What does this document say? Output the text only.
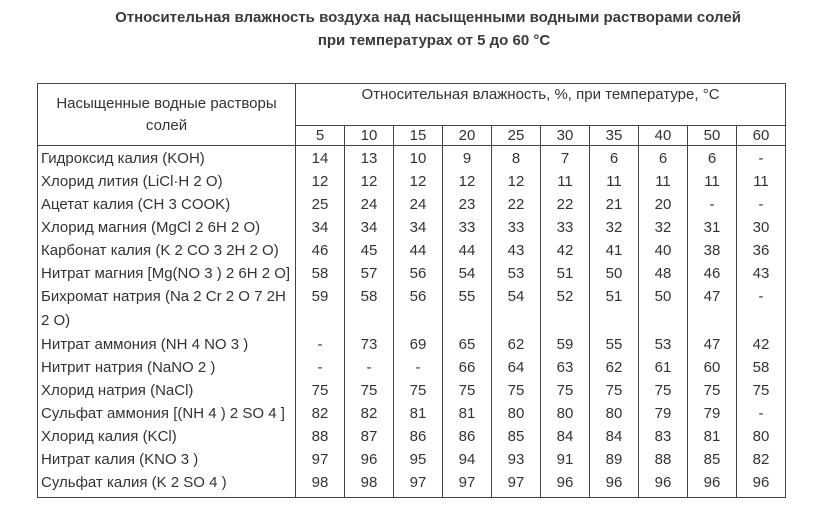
Относительная влажность воздуха над насыщенными водными растворами солей
при температурах от 5 до 60 °С
Насыщенные водные растворы солей	Относительная влажность, %, при температуре, °С									
	5	10	15	20	25	30	35	40	50	60
Гидроксид калия (KOH)	14	13	10	9	8	7	6	6	6	-
Хлорид лития (LiCl·H 2 O)	12	12	12	12	12	11	11	11	11	11
Ацетат калия (CH 3 COOK)	25	24	24	23	22	22	21	20	-	-
Хлорид магния (MgCl 2 6H 2 O)	34	34	34	33	33	33	32	32	31	30
Карбонат калия (K 2 CO 3 2H 2 O)	46	45	44	44	43	42	41	40	38	36
Нитрат магния [Mg(NO 3 ) 2 6H 2 O]	58	57	56	54	53	51	50	48	46	43
Бихромат натрия (Na 2 Cr 2 O 7 2H 2 O)	59	58	56	55	54	52	51	50	47	-
Нитрат аммония (NH 4 NO 3 )	-	73	69	65	62	59	55	53	47	42
Нитрит натрия (NaNO 2 )	-	-	-	66	64	63	62	61	60	58
Хлорид натрия (NaCl)	75	75	75	75	75	75	75	75	75	75
Сульфат аммония [(NH 4 ) 2 SO 4 ]	82	82	81	81	80	80	80	79	79	-
Хлорид калия (KCl)	88	87	86	86	85	84	84	83	81	80
Нитрат калия (KNO 3 )	97	96	95	94	93	91	89	88	85	82
Сульфат калия (K 2 SO 4 )	98	98	97	97	97	96	96	96	96	96
